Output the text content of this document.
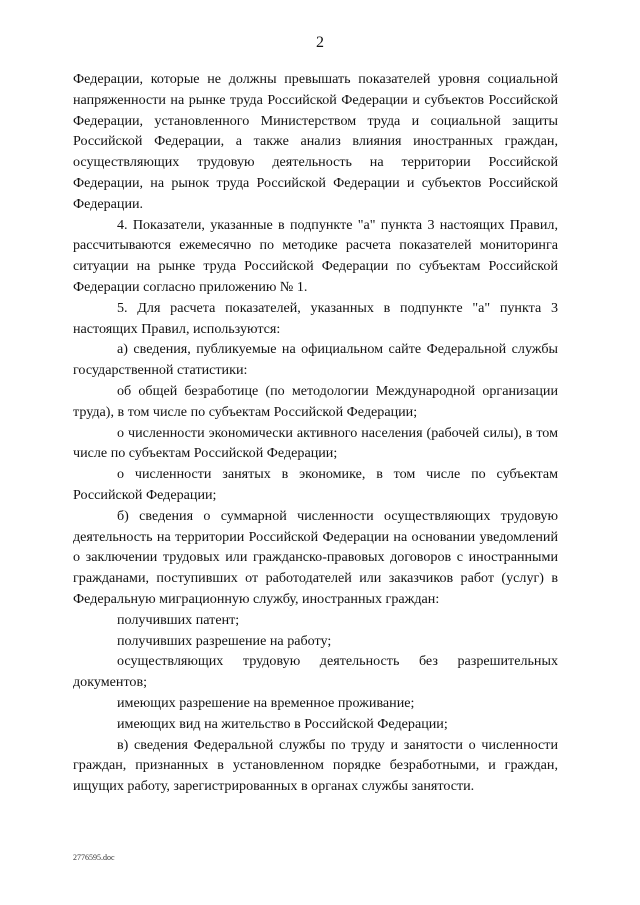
2

Федерации, которые не должны превышать показателей уровня социальной напряженности на рынке труда Российской Федерации и субъектов Российской Федерации, установленного Министерством труда и социальной защиты Российской Федерации, а также анализ влияния иностранных граждан, осуществляющих трудовую деятельность на территории Российской Федерации, на рынок труда Российской Федерации и субъектов Российской Федерации.

4. Показатели, указанные в подпункте "а" пункта 3 настоящих Правил, рассчитываются ежемесячно по методике расчета показателей мониторинга ситуации на рынке труда Российской Федерации по субъектам Российской Федерации согласно приложению № 1.

5. Для расчета показателей, указанных в подпункте "а" пункта 3 настоящих Правил, используются:

а) сведения, публикуемые на официальном сайте Федеральной службы государственной статистики:

об общей безработице (по методологии Международной организации труда), в том числе по субъектам Российской Федерации;

о численности экономически активного населения (рабочей силы), в том числе по субъектам Российской Федерации;

о численности занятых в экономике, в том числе по субъектам Российской Федерации;

б) сведения о суммарной численности осуществляющих трудовую деятельность на территории Российской Федерации на основании уведомлений о заключении трудовых или гражданско-правовых договоров с иностранными гражданами, поступивших от работодателей или заказчиков работ (услуг) в Федеральную миграционную службу, иностранных граждан:

получивших патент;

получивших разрешение на работу;

осуществляющих трудовую деятельность без разрешительных документов;

имеющих разрешение на временное проживание;

имеющих вид на жительство в Российской Федерации;

в) сведения Федеральной службы по труду и занятости о численности граждан, признанных в установленном порядке безработными, и граждан, ищущих работу, зарегистрированных в органах службы занятости.

2776595.doc
